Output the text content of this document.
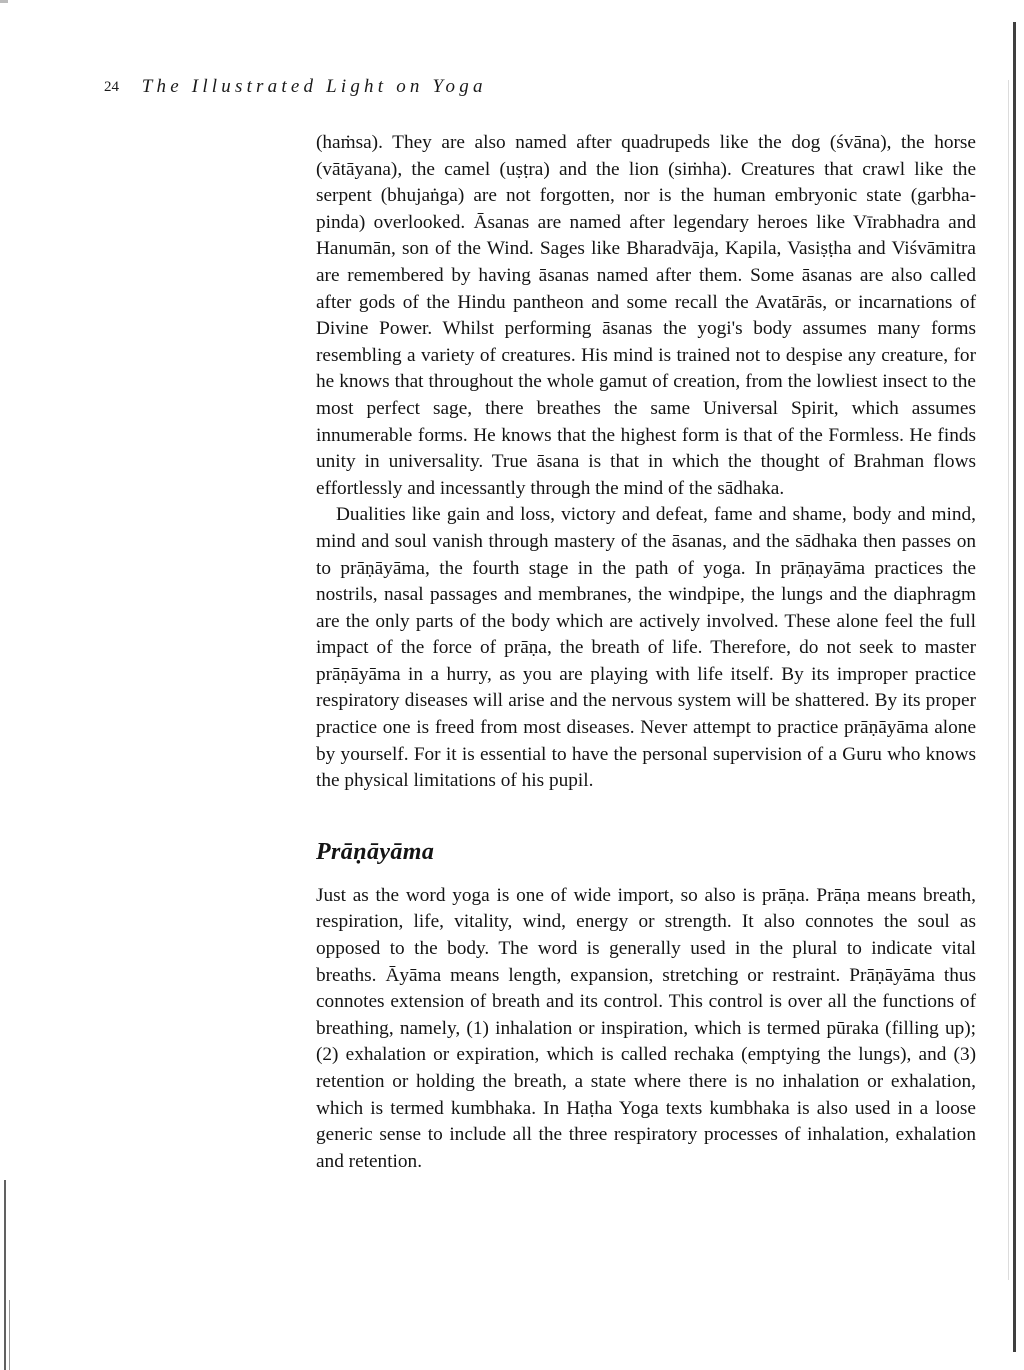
24 The Illustrated Light on Yoga

(haṁsa). They are also named after quadrupeds like the dog (śvāna), the horse (vātāyana), the camel (uṣṭra) and the lion (siṁha). Creatures that crawl like the serpent (bhujaṅga) are not forgotten, nor is the human embryonic state (garbha-pinda) overlooked. Āsanas are named after legendary heroes like Vīrabhadra and Hanumān, son of the Wind. Sages like Bharadvāja, Kapila, Vasiṣṭha and Viśvāmitra are remembered by having āsanas named after them. Some āsanas are also called after gods of the Hindu pantheon and some recall the Avatārās, or incarnations of Divine Power. Whilst performing āsanas the yogi's body assumes many forms resembling a variety of creatures. His mind is trained not to despise any creature, for he knows that throughout the whole gamut of creation, from the lowliest insect to the most perfect sage, there breathes the same Universal Spirit, which assumes innumerable forms. He knows that the highest form is that of the Formless. He finds unity in universality. True āsana is that in which the thought of Brahman flows effortlessly and incessantly through the mind of the sādhaka.

Dualities like gain and loss, victory and defeat, fame and shame, body and mind, mind and soul vanish through mastery of the āsanas, and the sādhaka then passes on to prāṇāyāma, the fourth stage in the path of yoga. In prāṇayāma practices the nostrils, nasal passages and membranes, the windpipe, the lungs and the diaphragm are the only parts of the body which are actively involved. These alone feel the full impact of the force of prāṇa, the breath of life. Therefore, do not seek to master prāṇāyāma in a hurry, as you are playing with life itself. By its improper practice respiratory diseases will arise and the nervous system will be shattered. By its proper practice one is freed from most diseases. Never attempt to practice prāṇāyāma alone by yourself. For it is essential to have the personal supervision of a Guru who knows the physical limitations of his pupil.

Prāṇāyāma

Just as the word yoga is one of wide import, so also is prāṇa. Prāṇa means breath, respiration, life, vitality, wind, energy or strength. It also connotes the soul as opposed to the body. The word is generally used in the plural to indicate vital breaths. Āyāma means length, expansion, stretching or restraint. Prāṇāyāma thus connotes extension of breath and its control. This control is over all the functions of breathing, namely, (1) inhalation or inspiration, which is termed pūraka (filling up); (2) exhalation or expiration, which is called rechaka (emptying the lungs), and (3) retention or holding the breath, a state where there is no inhalation or exhalation, which is termed kumbhaka. In Haṭha Yoga texts kumbhaka is also used in a loose generic sense to include all the three respiratory processes of inhalation, exhalation and retention.
